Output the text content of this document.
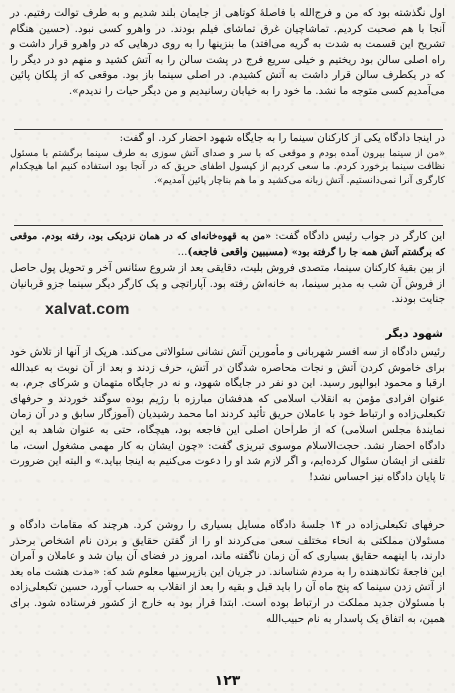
اول نگذشته بود که من و فرج‌الله با فاصلهٔ کوتاهی از جایمان بلند شدیم و به طرف توالت رفتیم. در آنجا با هم صحبت کردیم. تماشاچیان غرق تماشای فیلم بودند. در واهرو کسی نبود. (حسین هنگام تشریح این قسمت به شدت به گریه می‌افتد) ما بنزینها را به روی درهایی که در واهرو قرار داشت و راه اصلی سالن بود ریختیم و خیلی سریع فرج در پشت سالن را به آتش کشید و منهم دو در دیگر را که در یکطرف سالن قرار داشت به آتش کشیدم. در اصلی سینما باز بود. موقعی که از پلکان پائین می‌آمدیم کسی متوجه ما نشد. ما خود را به خیابان رسانیدیم و من دیگر حیات را ندیدم».
در اینجا دادگاه یکی از کارکنان سینما را به جایگاه شهود احضار کرد. او گفت:
«من از سینما بیرون آمده بودم و موقعی که با سر و صدای آتش سوزی به طرف سینما برگشتم با مسئول نظافت سینما برخورد کردم. ما سعی کردیم از کپسول اطفای حریق که در آنجا بود استفاده کنیم اما هیچکدام کارگری آنرا نمی‌دانستیم. آتش زبانه می‌کشید و ما هم بناچار پائین آمدیم».
این کارگر در جواب رئیس دادگاه گفت: «من به قهوه‌خانه‌ای که در همان نزدیکی بود، رفته بودم. موقعی که برگشتم آتش همه جا را گرفته بود» (مسببین واقعی فاجعه)...
از بین بقیهٔ کارکنان سینما، متصدی فروش بلیت، دقایقی بعد از شروع سئانس آخر و تحویل پول حاصل از فروش آن شب به مدیر سینما، به خانه‌اش رفته بود. آپاراتچی و یک کارگر دیگر سینما جزو قربانیان جنایت بودند.
xalvat.com
شهود دیگر
رئیس دادگاه از سه افسر شهربانی و مأمورین آتش نشانی سئوالاتی می‌کند. هریک از آنها از تلاش خود برای خاموش کردن آتش و نجات محاصره شدگان در آتش، حرف زدند و بعد از آن نوبت به عبدالله ارقبا و محمود ابوالپور رسید. این دو نفر در جایگاه شهود، و نه در جایگاه متهمان و شرکای جرم، به عنوان افرادی مؤمن به انقلاب اسلامی که هدفشان مبارزه با رژیم بوده سوگند خوردند و حرفهای تکبعلی‌زاده و ارتباط خود با عاملان حریق تأئید کردند اما محمد رشیدیان (آموزگار سابق و در آن زمان نمایندهٔ مجلس اسلامی) که از طراحان اصلی این فاجعه بود، هیچگاه، حتی به عنوان شاهد به این دادگاه احضار نشد. حجت‌الاسلام موسوی تبریزی گفت: «چون ایشان به کار مهمی مشغول است، ما تلفنی از ایشان سئوال کرده‌ایم، و اگر لازم شد او را دعوت می‌کنیم به اینجا بیاید.» و البته این ضرورت تا پایان دادگاه نیز احساس نشد!
حرفهای تکبعلی‌زاده در ۱۴ جلسهٔ دادگاه مسایل بسیاری را روشن کرد. هرچند که مقامات دادگاه و مسئولان مملکتی به انحاء مختلف سعی می‌کردند او را از گفتن حقایق و بردن نام اشخاص برحذر دارند، با اینهمه حقایق بسیاری که آن زمان ناگفته ماند، امروز در فضای آن بیان شد و عاملان و آمران این فاجعهٔ تکاندهنده را به مردم شناساند. در جریان این بازپرسیها معلوم شد که: «مدت هشت ماه بعد از آتش زدن سینما که پنج ماه آن را باید قبل و بقیه را بعد از انقلاب به حساب آورد، حسین تکبعلی‌زاده با مسئولان جدید مملکت در ارتباط بوده است. ابتدا قرار بود به خارج از کشور فرستاده شود. برای همین، به اتفاق یک پاسدار به نام حبیب‌الله
۱۲۳
